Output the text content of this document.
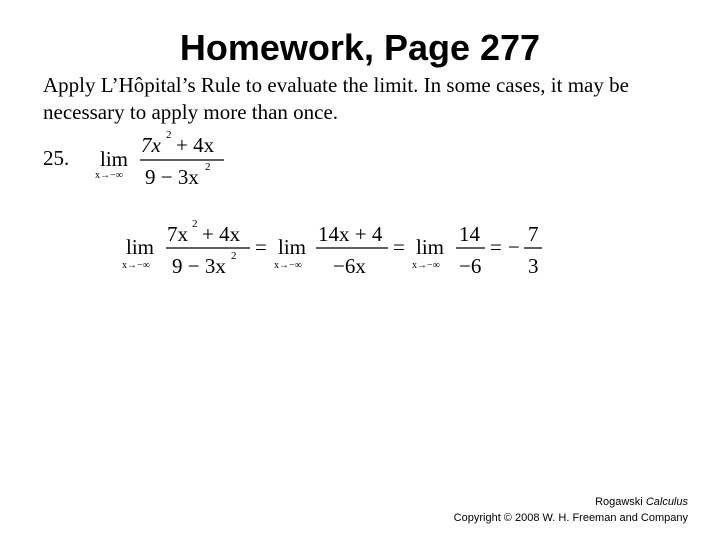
Homework, Page 277
Apply L’Hôpital’s Rule to evaluate the limit. In some cases, it may be necessary to apply more than once.
25. lim
x→−∞
7x 2 + 4x
9 − 3x 2
lim
x→−∞
7x 2 + 4x
9 − 3x 2 = lim
x→−∞
14x + 4
−6x
= lim
x→−∞
14
−6
= −
7
3
Rogawski Calculus
Copyright © 2008 W. H. Freeman and Company
